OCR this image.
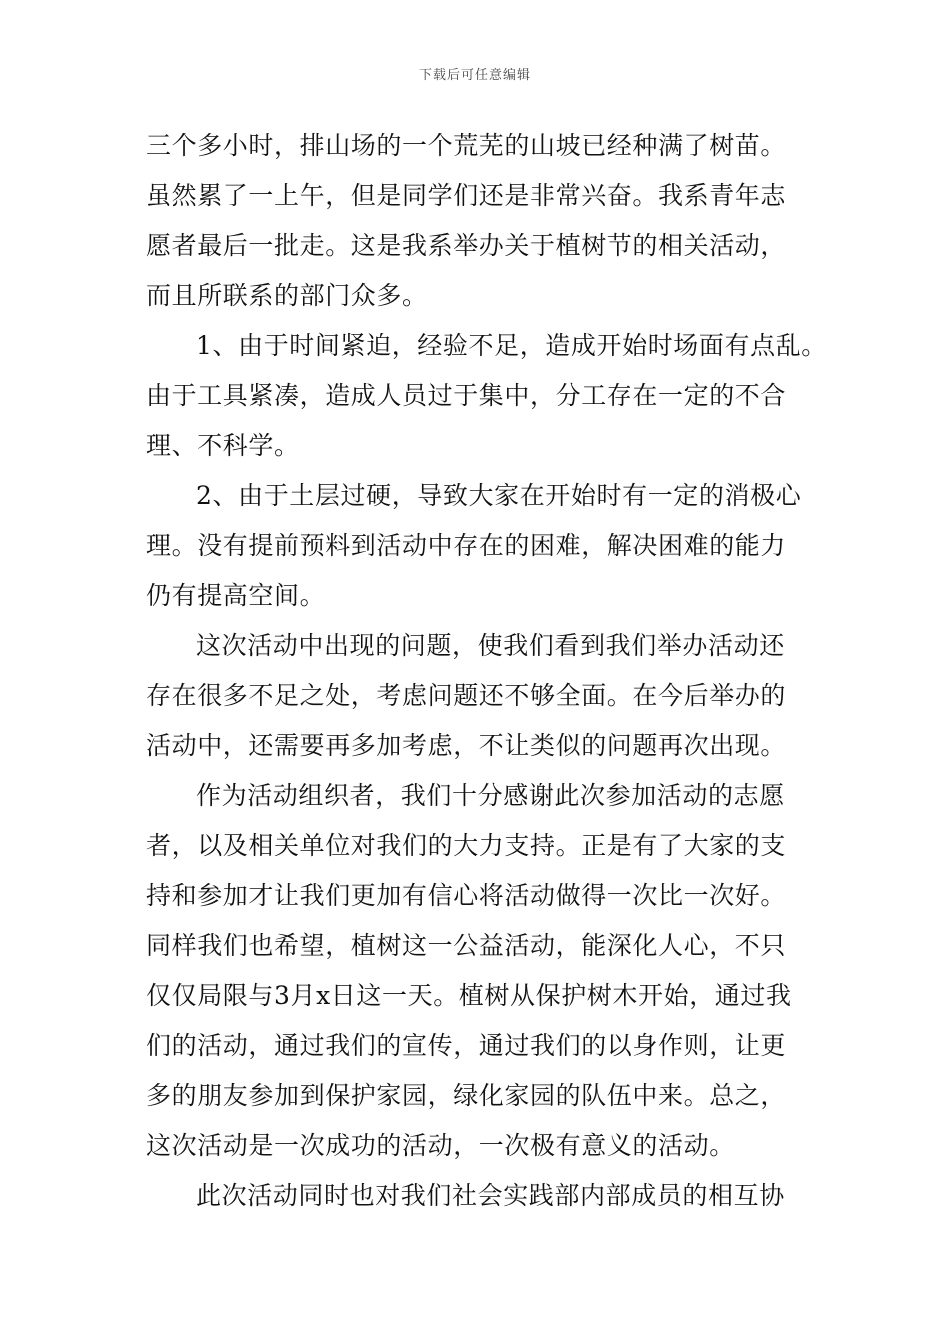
下载后可任意编辑
三个多小时，排山场的一个荒芜的山坡已经种满了树苗。
虽然累了一上午，但是同学们还是非常兴奋。我系青年志
愿者最后一批走。这是我系举办关于植树节的相关活动，
而且所联系的部门众多。
1、由于时间紧迫，经验不足，造成开始时场面有点乱。
由于工具紧凑，造成人员过于集中，分工存在一定的不合
理、不科学。
2、由于土层过硬，导致大家在开始时有一定的消极心
理。没有提前预料到活动中存在的困难，解决困难的能力
仍有提高空间。
这次活动中出现的问题，使我们看到我们举办活动还
存在很多不足之处，考虑问题还不够全面。在今后举办的
活动中，还需要再多加考虑，不让类似的问题再次出现。
作为活动组织者，我们十分感谢此次参加活动的志愿
者，以及相关单位对我们的大力支持。正是有了大家的支
持和参加才让我们更加有信心将活动做得一次比一次好。
同样我们也希望，植树这一公益活动，能深化人心，不只
仅仅局限与3月x日这一天。植树从保护树木开始，通过我
们的活动，通过我们的宣传，通过我们的以身作则，让更
多的朋友参加到保护家园，绿化家园的队伍中来。总之，
这次活动是一次成功的活动，一次极有意义的活动。
此次活动同时也对我们社会实践部内部成员的相互协
